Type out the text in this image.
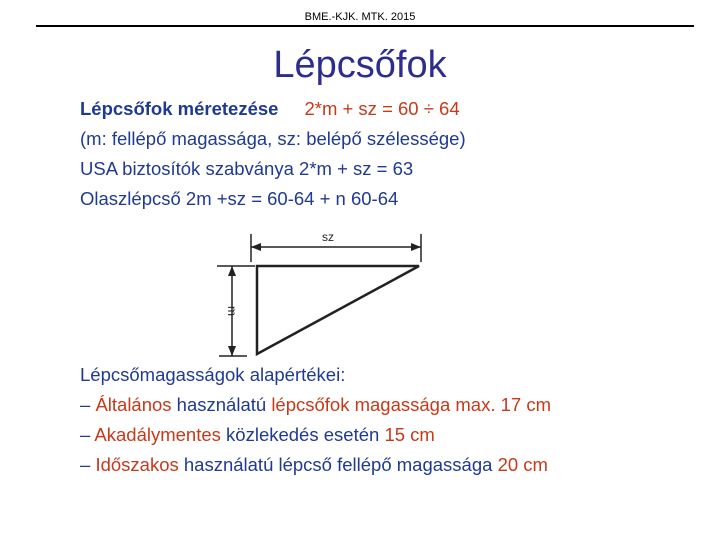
BME.-KJK. MTK. 2015
Lépcsőfok
Lépcsőfok méretezése 2*m + sz = 60 ÷ 64
(m: fellépő magassága, sz: belépő szélessége)
USA biztosítók szabványa 2*m + sz = 63
Olaszlépcső 2m +sz = 60-64 + n 60-64
sz
m
Lépcsőmagasságok alapértékei:
– Általános használatú lépcsőfok magassága max. 17 cm
– Akadálymentes közlekedés esetén 15 cm
– Időszakos használatú lépcső fellépő magassága 20 cm
